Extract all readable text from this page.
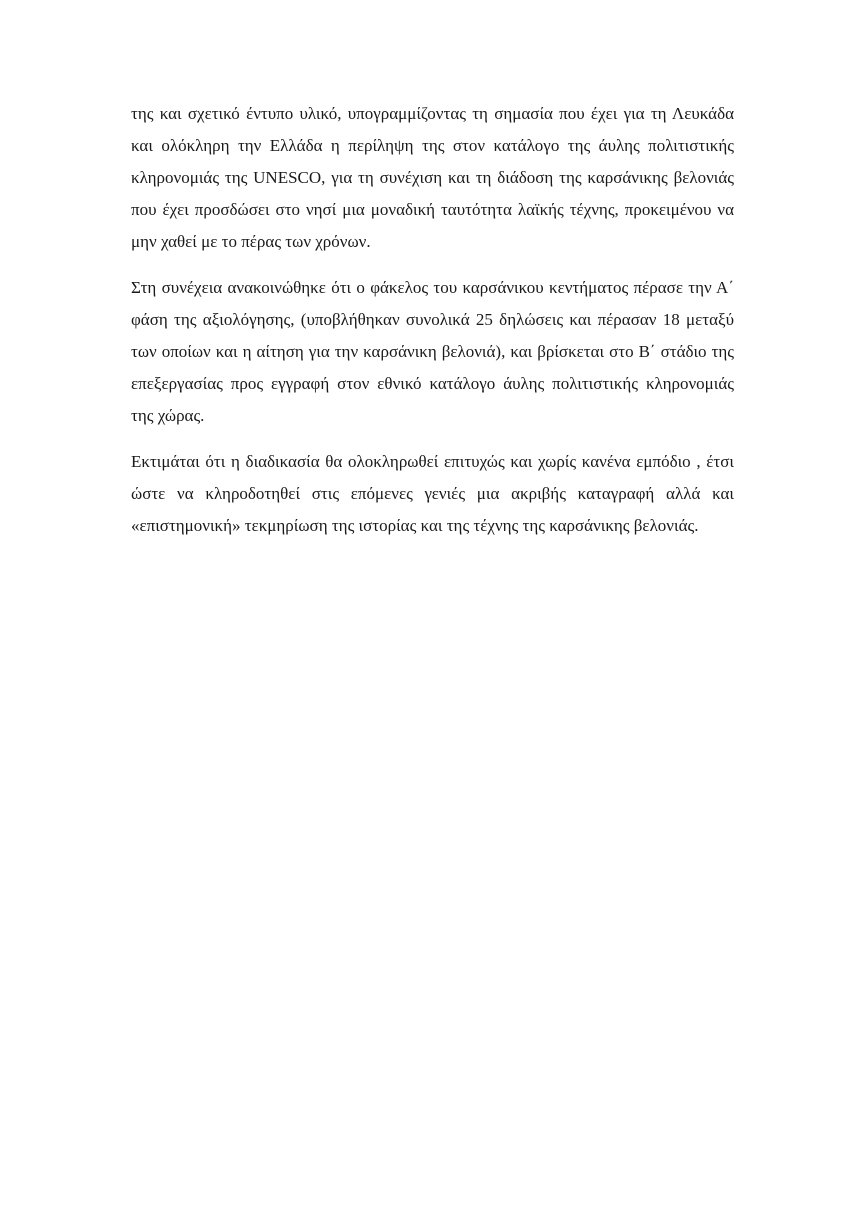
της και σχετικό έντυπο υλικό, υπογραμμίζοντας τη σημασία που έχει για τη Λευκάδα
και ολόκληρη την Ελλάδα η περίληψη της στον κατάλογο της άυλης πολιτιστικής
κληρονομιάς της UNESCO, για τη συνέχιση και τη διάδοση της καρσάνικης βελονιάς
που έχει προσδώσει στο νησί μια μοναδική ταυτότητα λαϊκής τέχνης, προκειμένου να
μην χαθεί με το πέρας των χρόνων.

Στη συνέχεια ανακοινώθηκε ότι ο φάκελος του καρσάνικου κεντήματος πέρασε την Α΄
φάση της αξιολόγησης, (υποβλήθηκαν συνολικά 25 δηλώσεις και πέρασαν 18 μεταξύ
των οποίων και η αίτηση για την καρσάνικη βελονιά), και βρίσκεται στο Β΄ στάδιο της
επεξεργασίας προς εγγραφή στον εθνικό κατάλογο άυλης πολιτιστικής κληρονομιάς
της χώρας.

Εκτιμάται ότι η διαδικασία θα ολοκληρωθεί επιτυχώς και χωρίς κανένα εμπόδιο , έτσι
ώστε να κληροδοτηθεί στις επόμενες γενιές μια ακριβής καταγραφή αλλά και
«επιστημονική» τεκμηρίωση της ιστορίας και της τέχνης της καρσάνικης βελονιάς.
